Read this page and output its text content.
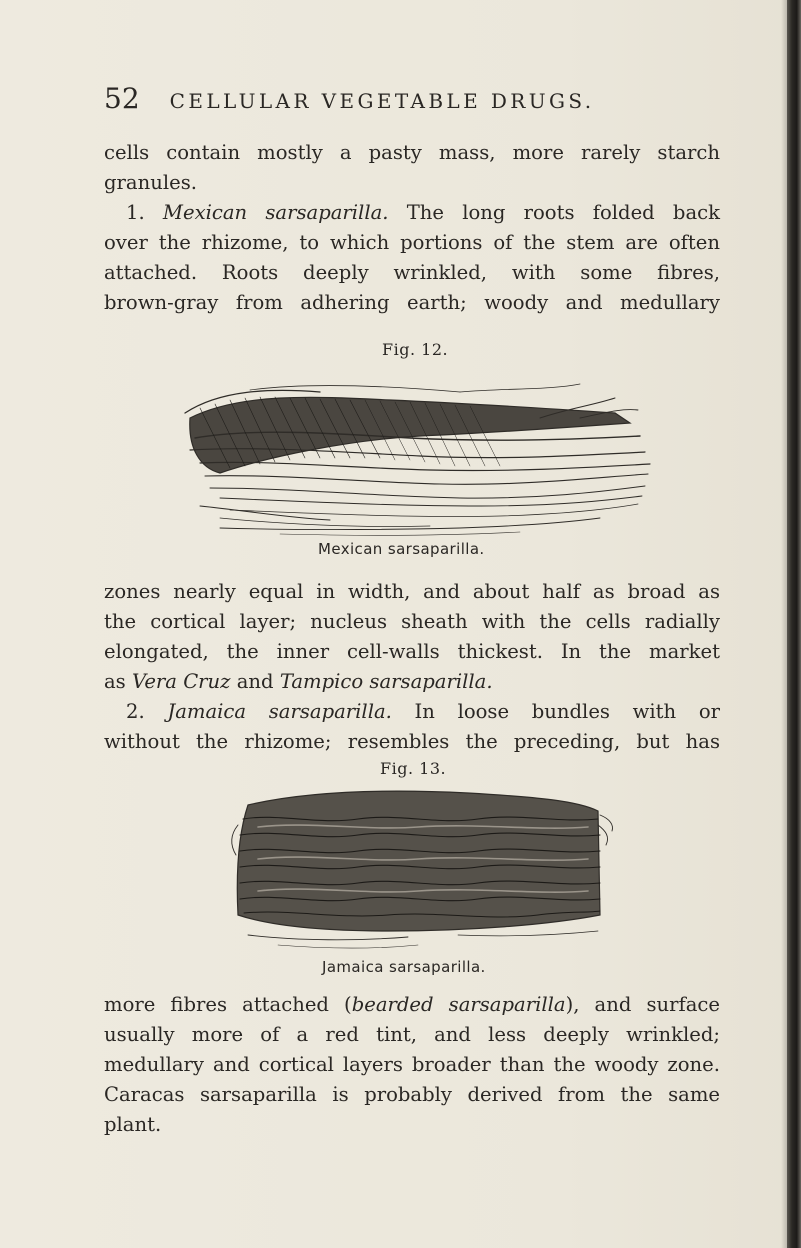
52 CELLULAR VEGETABLE DRUGS.
cells contain mostly a pasty mass, more rarely starch
granules.
1. Mexican sarsaparilla. The long roots folded back
over the rhizome, to which portions of the stem are often
attached. Roots deeply wrinkled, with some fibres,
brown-gray from adhering earth; woody and medullary
Fig. 12.
Mexican sarsaparilla.
zones nearly equal in width, and about half as broad as
the cortical layer; nucleus sheath with the cells radially
elongated, the inner cell-walls thickest. In the market
as Vera Cruz and Tampico sarsaparilla.
2. Jamaica sarsaparilla. In loose bundles with or
without the rhizome; resembles the preceding, but has
Fig. 13.
Jamaica sarsaparilla.
more fibres attached (bearded sarsaparilla), and surface
usually more of a red tint, and less deeply wrinkled;
medullary and cortical layers broader than the woody zone.
Caracas sarsaparilla is probably derived from the same
plant.
